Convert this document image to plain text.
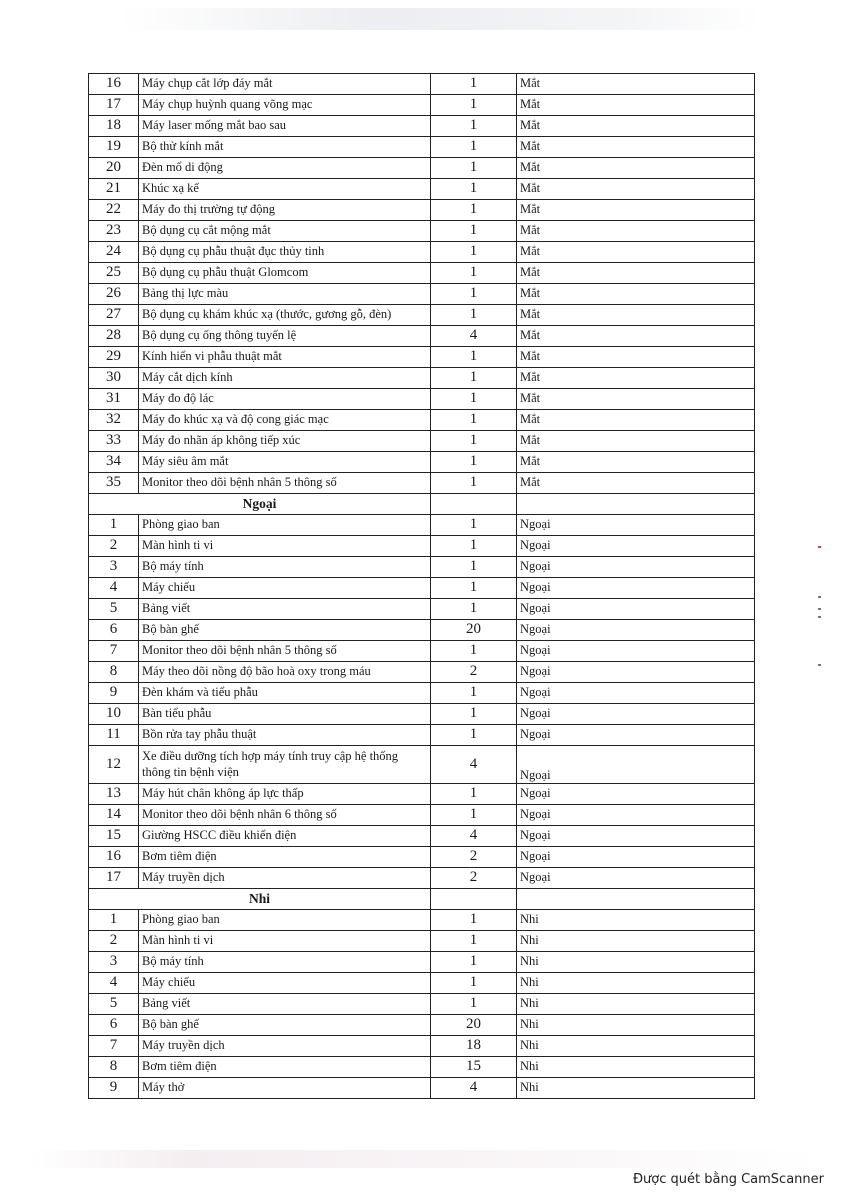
16	Máy chụp cắt lớp đáy mắt	1	Mắt
17	Máy chụp huỳnh quang võng mạc	1	Mắt
18	Máy laser mống mắt bao sau	1	Mắt
19	Bộ thử kính mắt	1	Mắt
20	Đèn mổ di động	1	Mắt
21	Khúc xạ kế	1	Mắt
22	Máy đo thị trường tự động	1	Mắt
23	Bộ dụng cụ cắt mộng mắt	1	Mắt
24	Bộ dụng cụ phẫu thuật đục thủy tinh	1	Mắt
25	Bộ dụng cụ phẫu thuật Glomcom	1	Mắt
26	Bảng thị lực màu	1	Mắt
27	Bộ dụng cụ khám khúc xạ (thước, gương gỗ, đèn)	1	Mắt
28	Bộ dụng cụ ống thông tuyến lệ	4	Mắt
29	Kính hiển vi phẫu thuật mắt	1	Mắt
30	Máy cắt dịch kính	1	Mắt
31	Máy đo độ lác	1	Mắt
32	Máy đo khúc xạ và độ cong giác mạc	1	Mắt
33	Máy đo nhãn áp không tiếp xúc	1	Mắt
34	Máy siêu âm mắt	1	Mắt
35	Monitor theo dõi bệnh nhân 5 thông số	1	Mắt
Ngoại			
1	Phòng giao ban	1	Ngoại
2	Màn hình ti vi	1	Ngoại
3	Bộ máy tính	1	Ngoại
4	Máy chiếu	1	Ngoại
5	Bảng viết	1	Ngoại
6	Bộ bàn ghế	20	Ngoại
7	Monitor theo dõi bệnh nhân 5 thông số	1	Ngoại
8	Máy theo dõi nồng độ bão hoà oxy trong máu	2	Ngoại
9	Đèn khám và tiểu phẫu	1	Ngoại
10	Bàn tiểu phẫu	1	Ngoại
11	Bồn rửa tay phẫu thuật	1	Ngoại
12	Xe điều dưỡng tích hợp máy tính truy cập hệ thống thông tin bệnh viện	4	Ngoại
13	Máy hút chân không áp lực thấp	1	Ngoại
14	Monitor theo dõi bệnh nhân 6 thông số	1	Ngoại
15	Giường HSCC điều khiển điện	4	Ngoại
16	Bơm tiêm điện	2	Ngoại
17	Máy truyền dịch	2	Ngoại
Nhi			
1	Phòng giao ban	1	Nhi
2	Màn hình ti vi	1	Nhi
3	Bộ máy tính	1	Nhi
4	Máy chiếu	1	Nhi
5	Bảng viết	1	Nhi
6	Bộ bàn ghế	20	Nhi
7	Máy truyền dịch	18	Nhi
8	Bơm tiêm điện	15	Nhi
9	Máy thở	4	Nhi
·
Được quét bằng CamScanner
